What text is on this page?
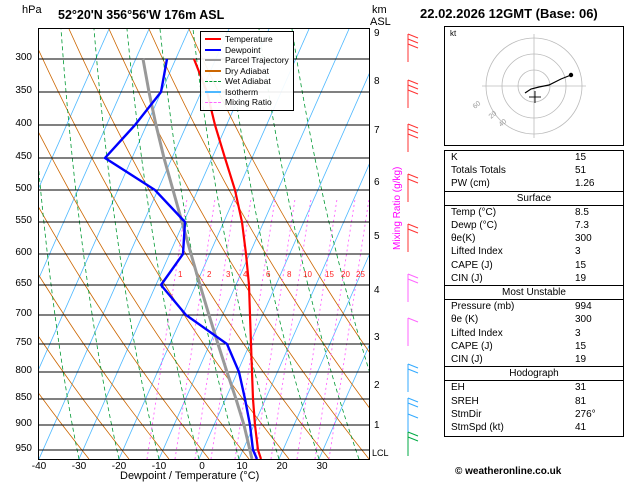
hPa 52°20'N 356°56'W 176m ASL	km
ASL
22.02.2026 12GMT (Base: 06)
300
350
400
450
500
550
600
650
700
750
800
850
900
950
-40	-30	-20	-10	0	10	20	30
Dewpoint / Temperature (°C)
9
8
7
6
5
4
3
2
1
LCL
1	2 3 4 6 8 10 15 20 25
Mixing Ratio (g/kg)
Temperature
Dewpoint
Parcel Trajectory
Dry Adiabat
Wet Adiabat
Isotherm
Mixing Ratio
20
40
60
kt
K	15
Totals Totals	51
PW (cm)	1.26
Surface
Temp (°C)	8.5
Dewp (°C)	7.3
θe(K)	300
Lifted Index	3
CAPE (J)	15
CIN (J)	19
Most Unstable
Pressure (mb)	994
θe (K)	300
Lifted Index	3
CAPE (J)	15
CIN (J)	19
Hodograph
EH	31
SREH	81
StmDir	276°
StmSpd (kt)	41
© weatheronline.co.uk
